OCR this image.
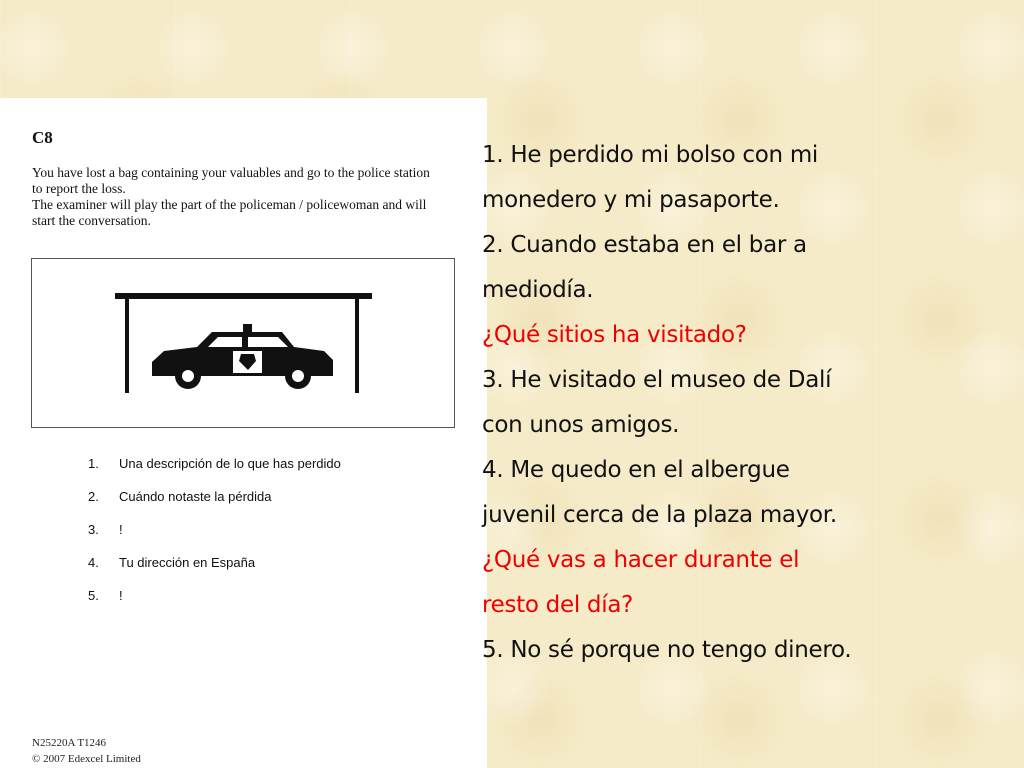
C8
You have lost a bag containing your valuables and go to the police station
to report the loss.
The examiner will play the part of the policeman / policewoman and will
start the conversation.
1.	Una descripción de lo que has perdido
2.	Cuándo notaste la pérdida
3.	!
4.	Tu dirección en España
5.	!
N25220A T1246
© 2007 Edexcel Limited
1. He perdido mi bolso con mi
monedero y mi pasaporte.
2. Cuando estaba en el bar a
mediodía.
¿Qué sitios ha visitado?
3. He visitado el museo de Dalí
con unos amigos.
4. Me quedo en el albergue
juvenil cerca de la plaza mayor.
¿Qué vas a hacer durante el
resto del día?
5. No sé porque no tengo dinero.
